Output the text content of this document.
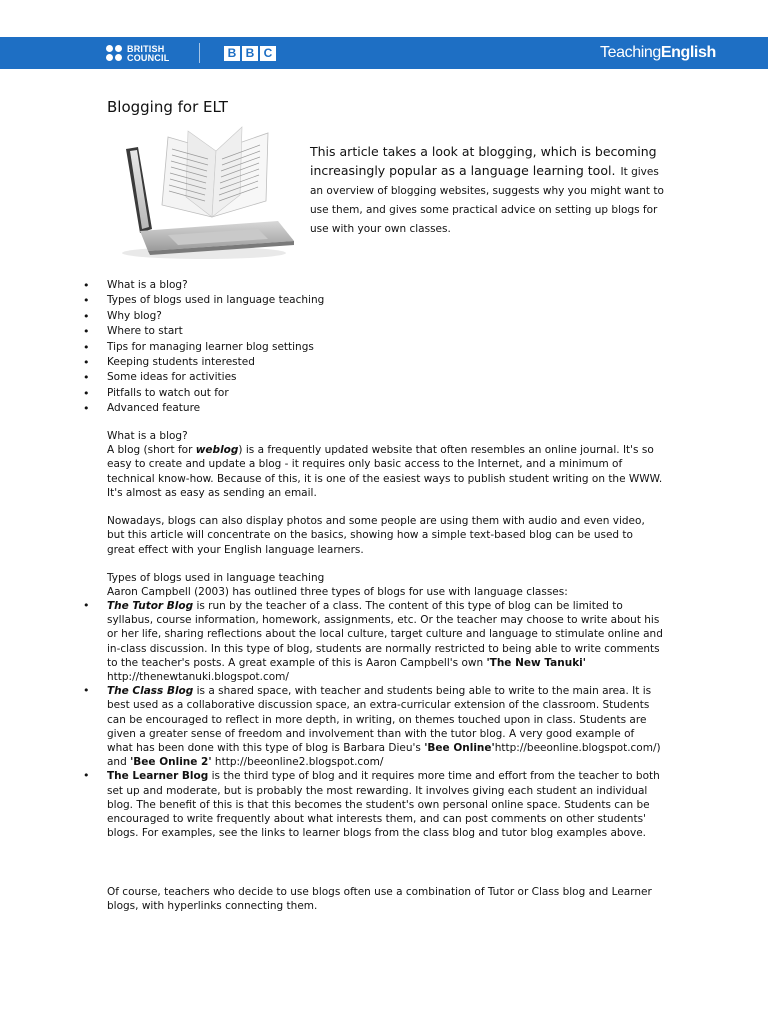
BRITISH
COUNCIL	B B C	TeachingEnglish
Blogging for ELT
This article takes a look at blogging, which is becoming increasingly popular as a language learning tool. It gives an overview of blogging websites, suggests why you might want to use them, and gives some practical advice on setting up blogs for use with your own classes.
• What is a blog?
• Types of blogs used in language teaching
• Why blog?
• Where to start
• Tips for managing learner blog settings
• Keeping students interested
• Some ideas for activities
• Pitfalls to watch out for
• Advanced feature

What is a blog?

A blog (short for weblog) is a frequently updated website that often resembles an online journal. It's so easy to create and update a blog - it requires only basic access to the Internet, and a minimum of technical know-how. Because of this, it is one of the easiest ways to publish student writing on the WWW. It's almost as easy as sending an email.

Nowadays, blogs can also display photos and some people are using them with audio and even video, but this article will concentrate on the basics, showing how a simple text-based blog can be used to great effect with your English language learners.

Types of blogs used in language teaching

Aaron Campbell (2003) has outlined three types of blogs for use with language classes:

• The Tutor Blog is run by the teacher of a class. The content of this type of blog can be limited to syllabus, course information, homework, assignments, etc. Or the teacher may choose to write about his or her life, sharing reflections about the local culture, target culture and language to stimulate online and in-class discussion. In this type of blog, students are normally restricted to being able to write comments to the teacher's posts. A great example of this is Aaron Campbell's own 'The New Tanuki' http://thenewtanuki.blogspot.com/
• The Class Blog is a shared space, with teacher and students being able to write to the main area. It is best used as a collaborative discussion space, an extra-curricular extension of the classroom. Students can be encouraged to reflect in more depth, in writing, on themes touched upon in class. Students are given a greater sense of freedom and involvement than with the tutor blog. A very good example of what has been done with this type of blog is Barbara Dieu's 'Bee Online'http://beeonline.blogspot.com/) and 'Bee Online 2' http://beeonline2.blogspot.com/
• The Learner Blog is the third type of blog and it requires more time and effort from the teacher to both set up and moderate, but is probably the most rewarding. It involves giving each student an individual blog. The benefit of this is that this becomes the student's own personal online space. Students can be encouraged to write frequently about what interests them, and can post comments on other students' blogs. For examples, see the links to learner blogs from the class blog and tutor blog examples above.

Of course, teachers who decide to use blogs often use a combination of Tutor or Class blog and Learner blogs, with hyperlinks connecting them.
